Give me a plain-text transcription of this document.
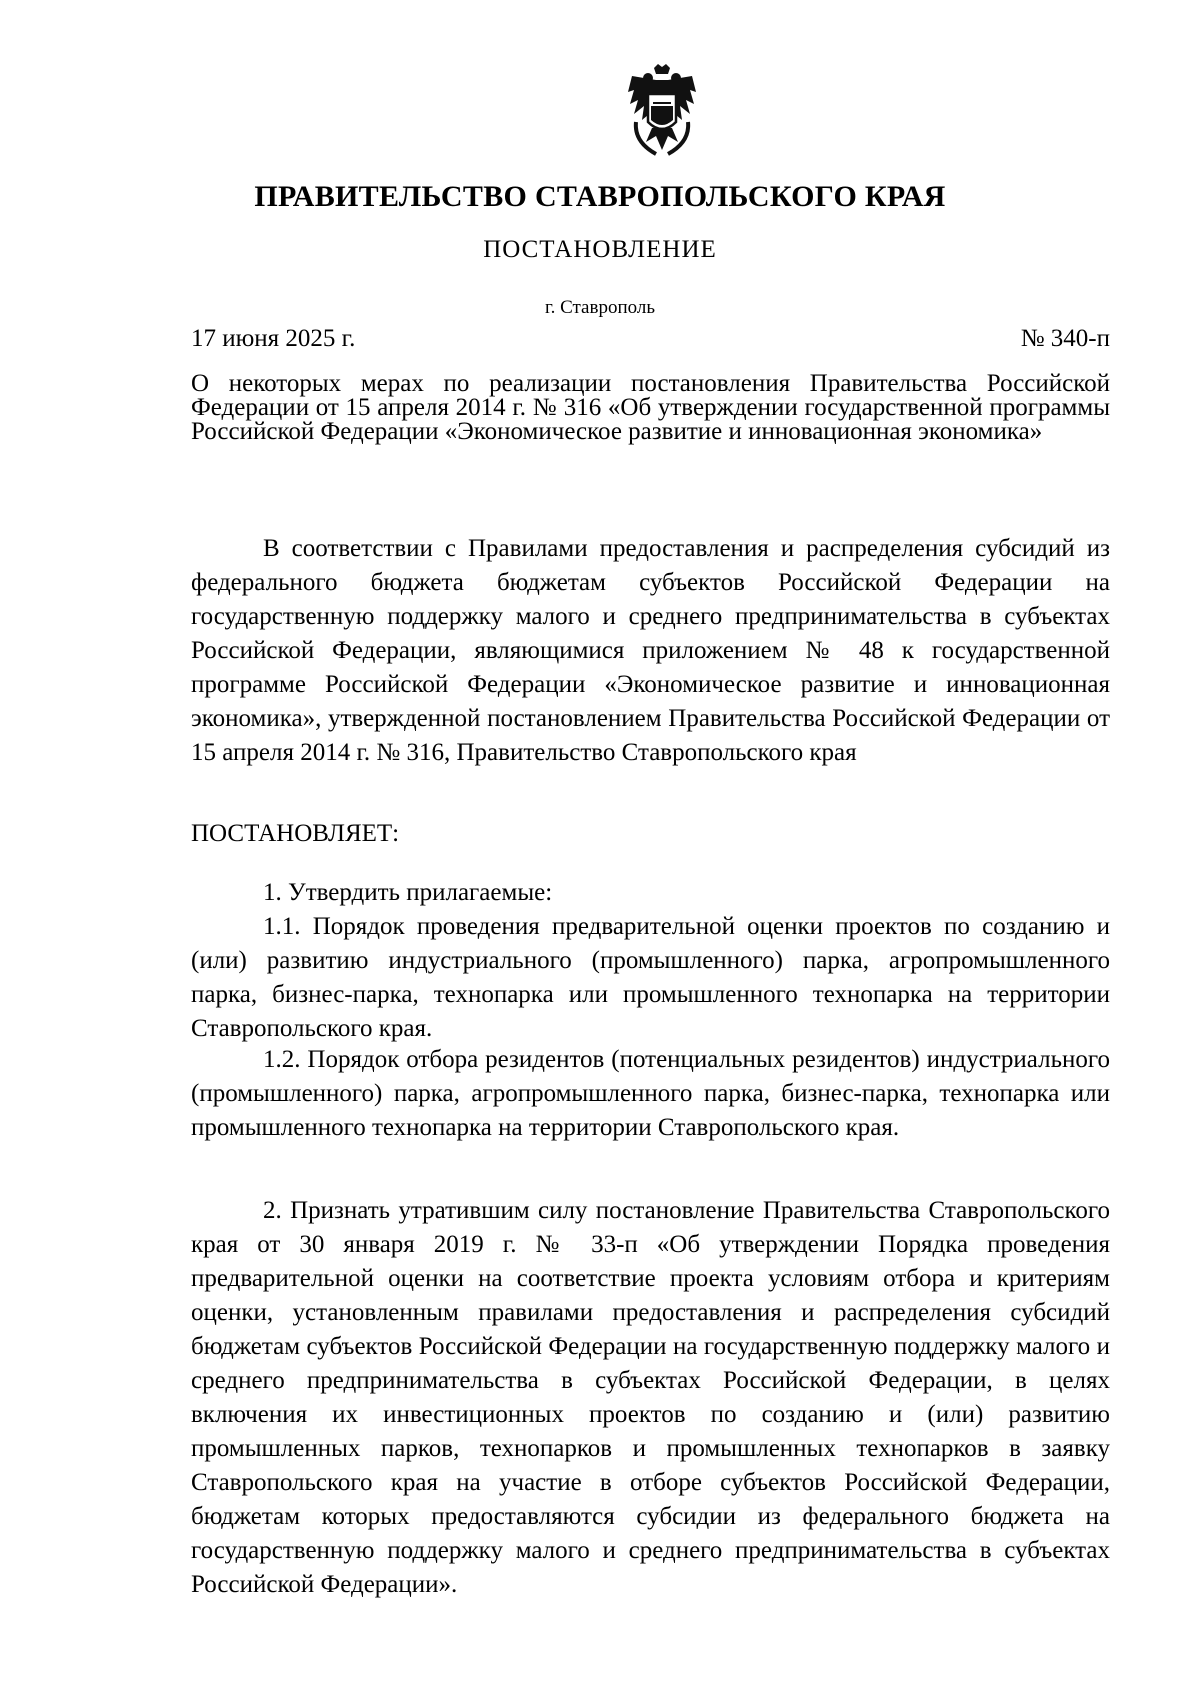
ПРАВИТЕЛЬСТВО СТАВРОПОЛЬСКОГО КРАЯ
ПОСТАНОВЛЕНИЕ
г. Ставрополь
17 июня 2025 г.	№ 340-п
О некоторых мерах по реализации постановления Правительства Российской Федерации от 15 апреля 2014 г. № 316 «Об утверждении государственной программы Российской Федерации «Экономическое развитие и инновационная экономика»

В соответствии с Правилами предоставления и распределения субсидий из федерального бюджета бюджетам субъектов Российской Федерации на государственную поддержку малого и среднего предпринимательства в субъектах Российской Федерации, являющимися приложением № 48 к государственной программе Российской Федерации «Экономическое развитие и инновационная экономика», утвержденной постановлением Правительства Российской Федерации от 15 апреля 2014 г. № 316, Правительство Ставропольского края

ПОСТАНОВЛЯЕТ:

1. Утвердить прилагаемые:

1.1. Порядок проведения предварительной оценки проектов по созданию и (или) развитию индустриального (промышленного) парка, агропромышленного парка, бизнес-парка, технопарка или промышленного технопарка на территории Ставропольского края.

1.2. Порядок отбора резидентов (потенциальных резидентов) индустриального (промышленного) парка, агропромышленного парка, бизнес-парка, технопарка или промышленного технопарка на территории Ставропольского края.

2. Признать утратившим силу постановление Правительства Ставропольского края от 30 января 2019 г. № 33-п «Об утверждении Порядка проведения предварительной оценки на соответствие проекта условиям отбора и критериям оценки, установленным правилами предоставления и распределения субсидий бюджетам субъектов Российской Федерации на государственную поддержку малого и среднего предпринимательства в субъектах Российской Федерации, в целях включения их инвестиционных проектов по созданию и (или) развитию промышленных парков, технопарков и промышленных технопарков в заявку Ставропольского края на участие в отборе субъектов Российской Федерации, бюджетам которых предоставляются субсидии из федерального бюджета на государственную поддержку малого и среднего предпринимательства в субъектах Российской Федерации».
